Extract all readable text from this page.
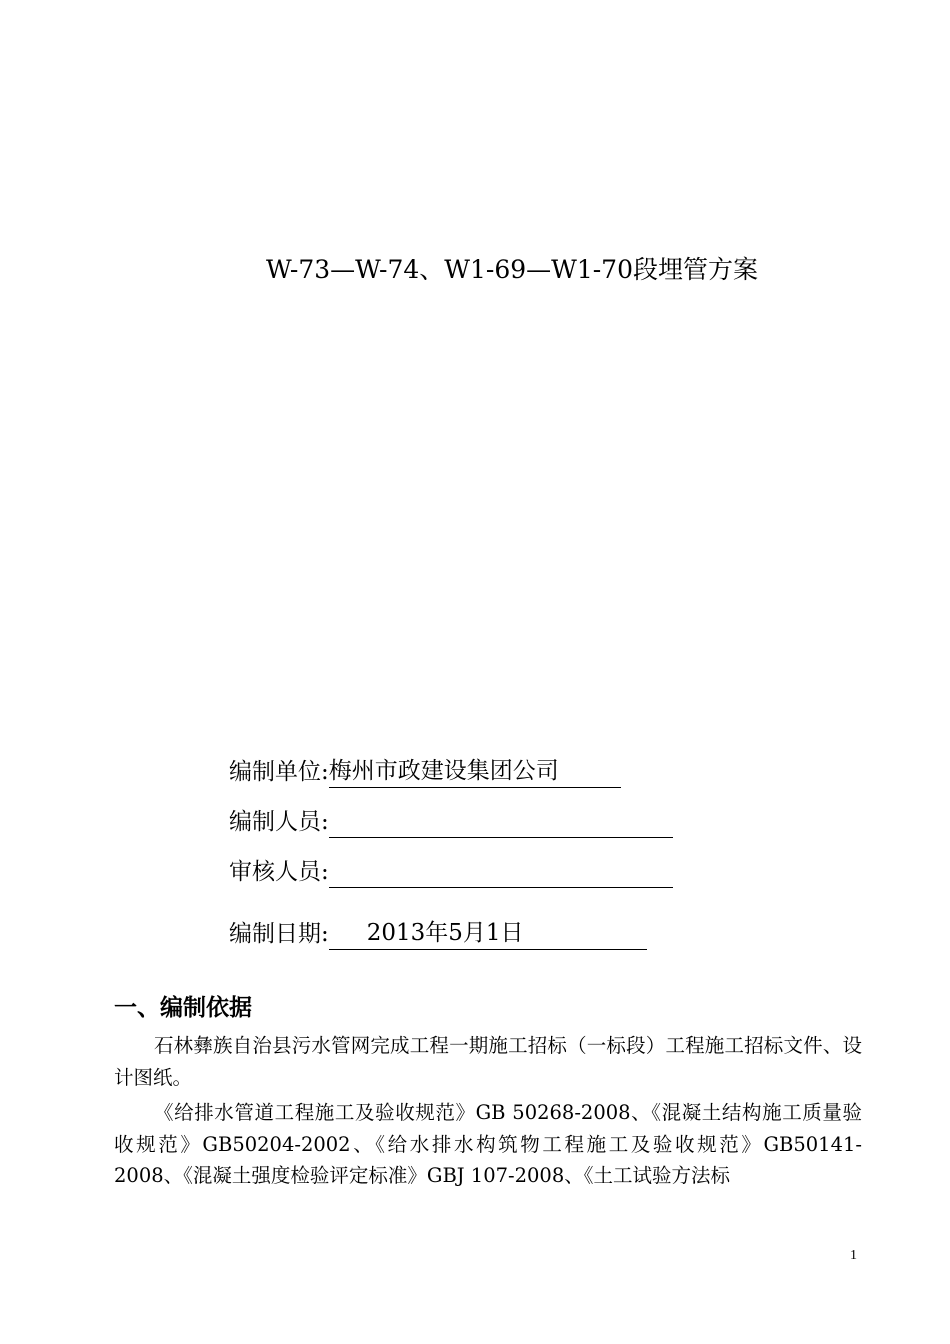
W-73—W-74、W1-69—W1-70段埋管方案
编制单位: 梅州市政建设集团公司
编制人员:
审核人员:
编制日期:	2013年5月1日
一、编制依据

石林彝族自治县污水管网完成工程一期施工招标（一标段）工程施工招标文件、设计图纸。

《给排水管道工程施工及验收规范》GB 50268-2008、《混凝土结构施工质量验收规范》GB50204-2002、《给水排水构筑物工程施工及验收规范》GB50141-2008、《混凝土强度检验评定标准》GBJ 107-2008、《土工试验方法标

1
